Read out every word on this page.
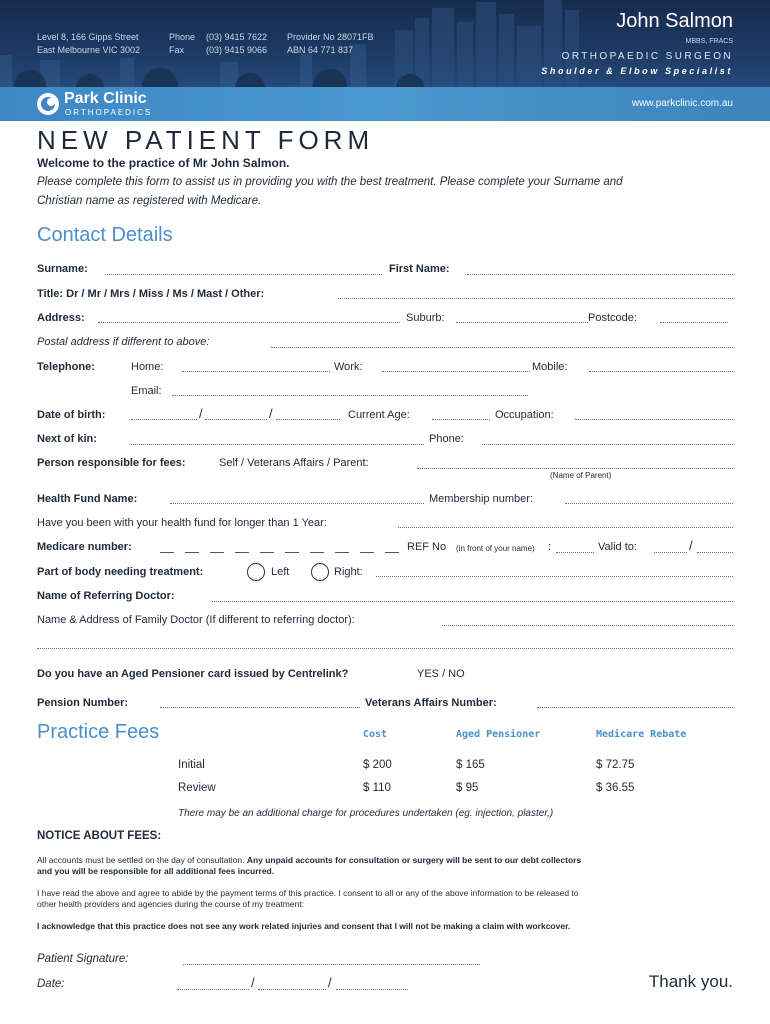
Level 8, 166 Gipps Street
East Melbourne VIC 3002
Phone (03) 9415 7622
Fax (03) 9415 9066
Provider No 28071FB
ABN 64 771 837
John Salmon
MBBS, FRACS
ORTHOPAEDIC SURGEON
Shoulder & Elbow Specialist
Park Clinic
ORTHOPAEDICS
www.parkclinic.com.au
NEW PATIENT FORM
Welcome to the practice of Mr John Salmon.
Please complete this form to assist us in providing you with the best treatment. Please complete your Surname and
Christian name as registered with Medicare.
Contact Details
Surname:	First Name:
Title: Dr / Mr / Mrs / Miss / Ms / Mast / Other:
Address:	Suburb:	Postcode:
Postal address if different to above:
Telephone:	Home:	Work:	Mobile:
Email:
Date of birth:	/	/	Current Age:	Occupation:
Next of kin:	Phone:
Person responsible for fees:	Self / Veterans Affairs / Parent:
(Name of Parent)
Health Fund Name:	Membership number:
Have you been with your health fund for longer than 1 Year:
Medicare number:	REF No (in front of your name) :	Valid to:	/
Part of body needing treatment:	Left	Right:
Name of Referring Doctor:
Name & Address of Family Doctor (If different to referring doctor):
Do you have an Aged Pensioner card issued by Centrelink?	YES / NO
Pension Number:	Veterans Affairs Number:
Practice Fees	Cost	Aged Pensioner	Medicare Rebate
Initial	$ 200	$ 165	$ 72.75
Review	$ 110	$ 95	$ 36.55
There may be an additional charge for procedures undertaken (eg. injection, plaster,)
NOTICE ABOUT FEES:
All accounts must be settled on the day of consultation. Any unpaid accounts for consultation or surgery will be sent to our debt collectors
and you will be responsible for all additional fees incurred.
I have read the above and agree to abide by the payment terms of this practice. I consent to all or any of the above information to be released to
other health providers and agencies during the course of my treatment:
I acknowledge that this practice does not see any work related injuries and consent that I will not be making a claim with workcover.
Patient Signature:
Date:	/	/	Thank you.
